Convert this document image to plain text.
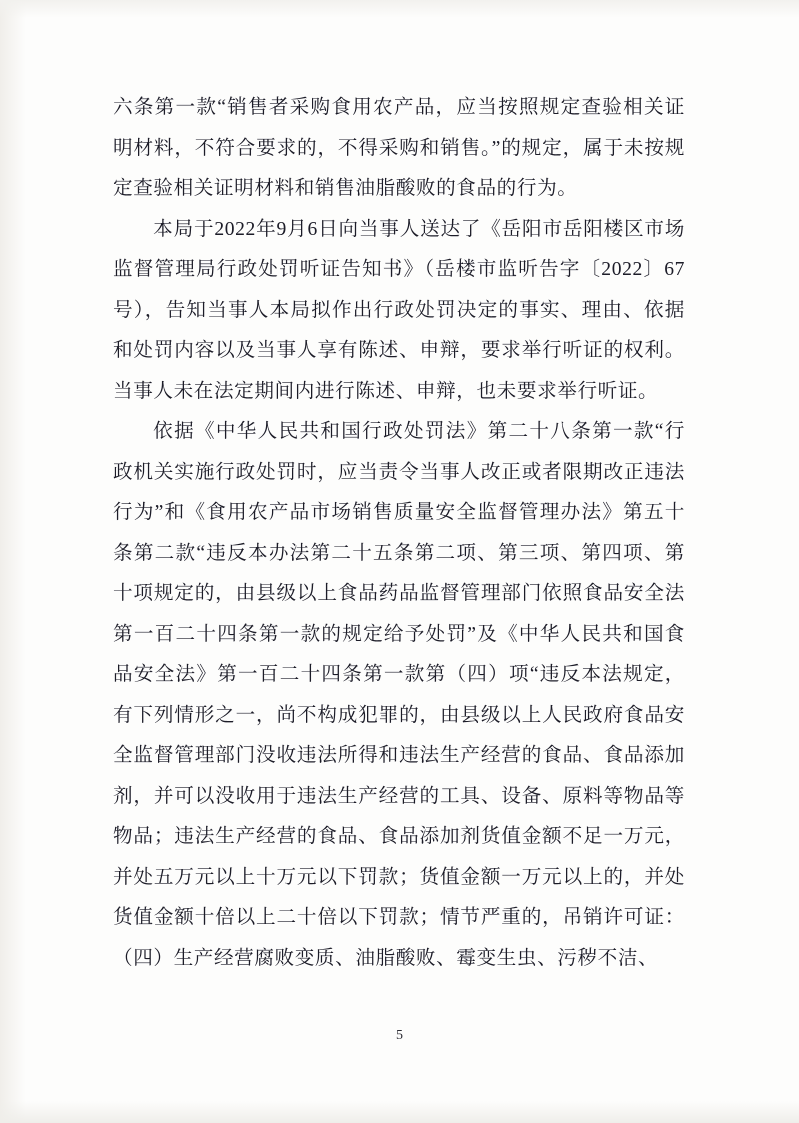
六条第一款“销售者采购食用农产品，应当按照规定查验相关证明材料，不符合要求的，不得采购和销售。”的规定，属于未按规定查验相关证明材料和销售油脂酸败的食品的行为。

本局于2022年9月6日向当事人送达了《岳阳市岳阳楼区市场监督管理局行政处罚听证告知书》（岳楼市监听告字〔2022〕67号），告知当事人本局拟作出行政处罚决定的事实、理由、依据和处罚内容以及当事人享有陈述、申辩，要求举行听证的权利。当事人未在法定期间内进行陈述、申辩，也未要求举行听证。

依据《中华人民共和国行政处罚法》第二十八条第一款“行政机关实施行政处罚时，应当责令当事人改正或者限期改正违法行为”和《食用农产品市场销售质量安全监督管理办法》第五十条第二款“违反本办法第二十五条第二项、第三项、第四项、第十项规定的，由县级以上食品药品监督管理部门依照食品安全法第一百二十四条第一款的规定给予处罚”及《中华人民共和国食品安全法》第一百二十四条第一款第（四）项“违反本法规定，有下列情形之一，尚不构成犯罪的，由县级以上人民政府食品安全监督管理部门没收违法所得和违法生产经营的食品、食品添加剂，并可以没收用于违法生产经营的工具、设备、原料等物品等物品；违法生产经营的食品、食品添加剂货值金额不足一万元，并处五万元以上十万元以下罚款；货值金额一万元以上的，并处货值金额十倍以上二十倍以下罚款；情节严重的，吊销许可证：（四）生产经营腐败变质、油脂酸败、霉变生虫、污秽不洁、

5
